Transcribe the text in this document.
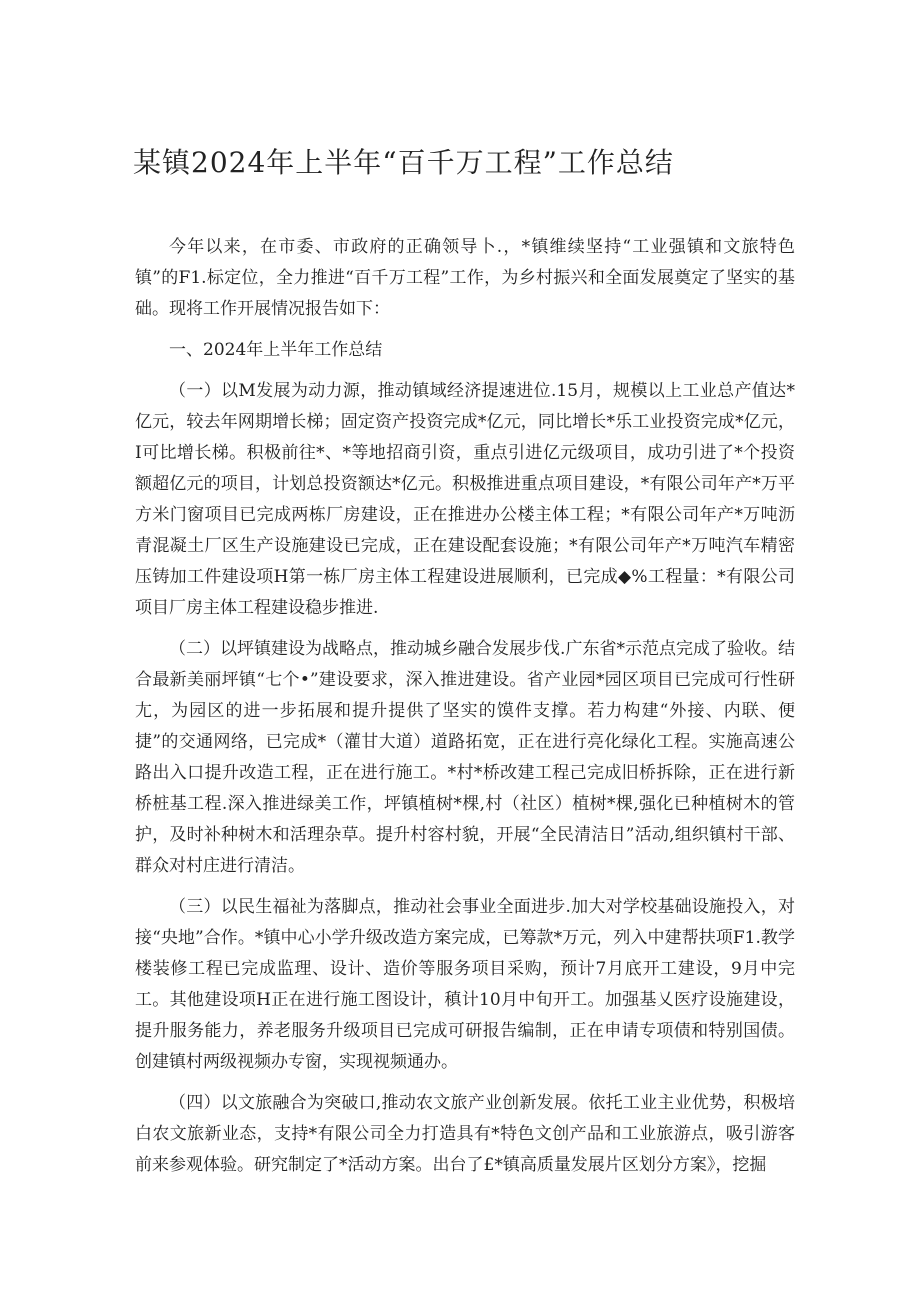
某镇2024年上半年“百千万工程”工作总结

今年以来，在市委、市政府的正确领导卜.，*镇维续坚持“工业强镇和文旅特色镇”的F1.标定位，全力推进“百千万工程”工作，为乡村振兴和全面发展奠定了坚实的基础。现将工作开展情况报告如下：

一、2024年上半年工作总结

（一）以M发展为动力源，推动镇域经济提速进位.15月，规模以上工业总产值达*亿元，较去年网期增长梯；固定资产投资完成*亿元，同比增长*乐工业投资完成*亿元，I可比增长梯。积极前往*、*等地招商引资，重点引进亿元级项目，成功引进了*个投资额超亿元的项目，计划总投资额达*亿元。积极推进重点项目建设，*有限公司年产*万平方米门窗项目已完成两栋厂房建设，正在推进办公楼主体工程；*有限公司年产*万吨沥青混凝土厂区生产设施建设已完成，正在建设配套设施；*有限公司年产*万吨汽车精密压铸加工件建设项H第一栋厂房主体工程建设进展顺利，已完成◆%工程量：*有限公司项目厂房主体工程建设稳步推进.

（二）以坪镇建设为战略点，推动城乡融合发展步伐.广东省*示范点完成了验收。结合最新美丽坪镇“七个•”建设要求，深入推进建设。省产业园*园区项目已完成可行性研尢，为园区的进一步拓展和提升提供了坚实的馍件支撑。若力构建“外接、内联、便捷”的交通网络，已完成*（灌甘大道）道路拓宽，正在进行亮化绿化工程。实施高速公路出入口提升改造工程，正在进行施工。*村*桥改建工程己完成旧桥拆除，正在进行新桥桩基工程.深入推进绿美工作，坪镇植树*棵,村（社区）植树*棵,强化已种植树木的管护，及时补种树木和活理杂草。提升村容村貌，开展“全民清洁日”活动,组织镇村干部、群众对村庄进行清洁。

（三）以民生福祉为落脚点，推动社会事业全面进步.加大对学校基础设施投入，对接“央地”合作。*镇中心小学升级改造方案完成，已筹款*万元，列入中建帮扶项F1.教学楼装修工程已完成监理、设计、造价等服务项目采购，预计7月底开工建设，9月中完工。其他建设项H正在进行施工图设计，稹计10月中旬开工。加强基乂医疗设施建设，提升服务能力，养老服务升级项目已完成可研报告编制，正在申请专项债和特别国债。创建镇村两级视频办专窗，实现视频通办。

（四）以文旅融合为突破口,推动农文旅产业创新发展。依托工业主业优势，积极培白农文旅新业态，支持*有限公司全力打造具有*特色文创产品和工业旅游点，吸引游客前来参观体验。研究制定了*活动方案。出台了£*镇高质量发展片区划分方案》，挖掘
